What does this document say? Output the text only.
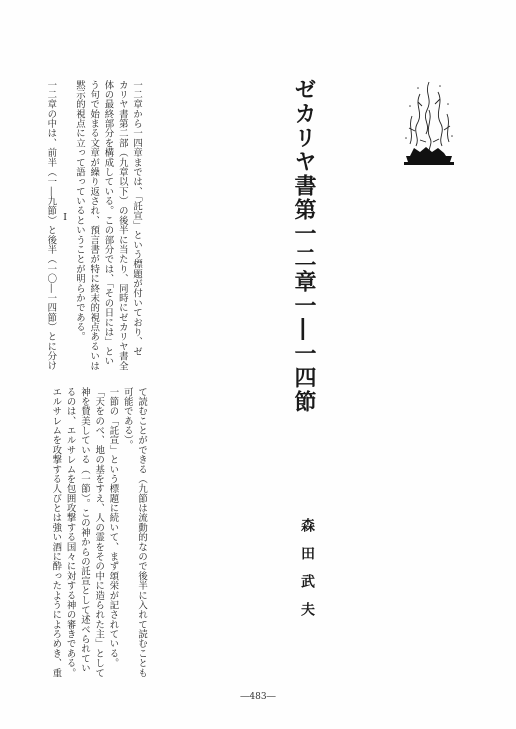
ゼカリヤ書第一二章一―一四節
森田武夫
一二章から一四章までは、「託宣」という標題が付いており、ゼ
カリヤ書第二部（九章以下）の後半に当たり、同時にゼカリヤ書全
体の最終部分を構成している。この部分では、「その日には」とい
う句で始まる文章が繰り返され、預言書が特に終末的視点あるいは
黙示的視点に立って語っているということが明らかである。
Ⅰ
一二章の中は、前半（一―九節）と後半（一〇―一四節）とに分け
て読むことができる（九節は流動的なので後半に入れて読むことも
可能である）。
一節の「託宣」という標題に続いて、まず頌栄が記されている。
「天をのべ、地の基をすえ、人の霊をその中に造られた主」として
神を賛美している（一節）。この神からの託宣として述べられてい
るのは、エルサレムを包囲攻撃する国々に対する神の審きである。
エルサレムを攻撃する人びとは強い酒に酔ったようによろめき、重
―483―
